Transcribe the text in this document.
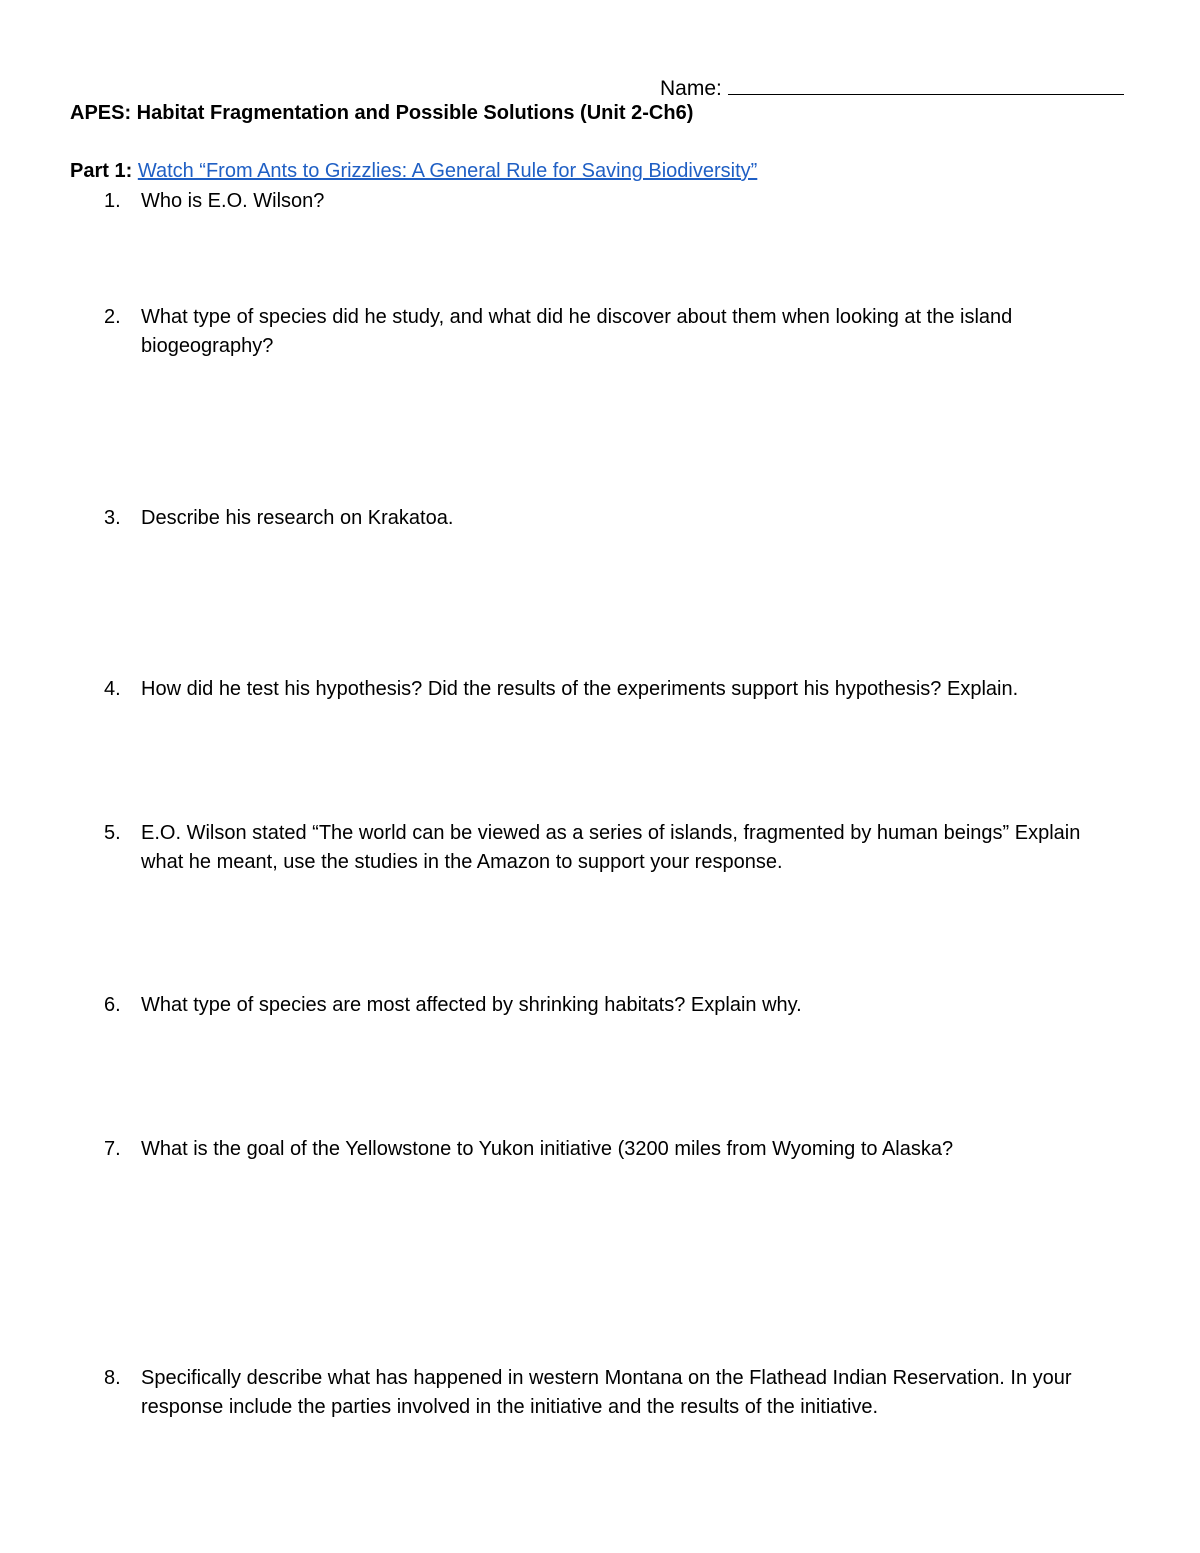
Name:
APES: Habitat Fragmentation and Possible Solutions (Unit 2-Ch6)
Part 1: Watch “From Ants to Grizzlies: A General Rule for Saving Biodiversity”
1.	Who is E.O. Wilson?
2.	What type of species did he study, and what did he discover about them when looking at the island biogeography?
3.	Describe his research on Krakatoa.
4.	How did he test his hypothesis? Did the results of the experiments support his hypothesis? Explain.
5.	E.O. Wilson stated “The world can be viewed as a series of islands, fragmented by human beings” Explain what he meant, use the studies in the Amazon to support your response.
6.	What type of species are most affected by shrinking habitats? Explain why.
7.	What is the goal of the Yellowstone to Yukon initiative (3200 miles from Wyoming to Alaska?
8.	Specifically describe what has happened in western Montana on the Flathead Indian Reservation. In your response include the parties involved in the initiative and the results of the initiative.
